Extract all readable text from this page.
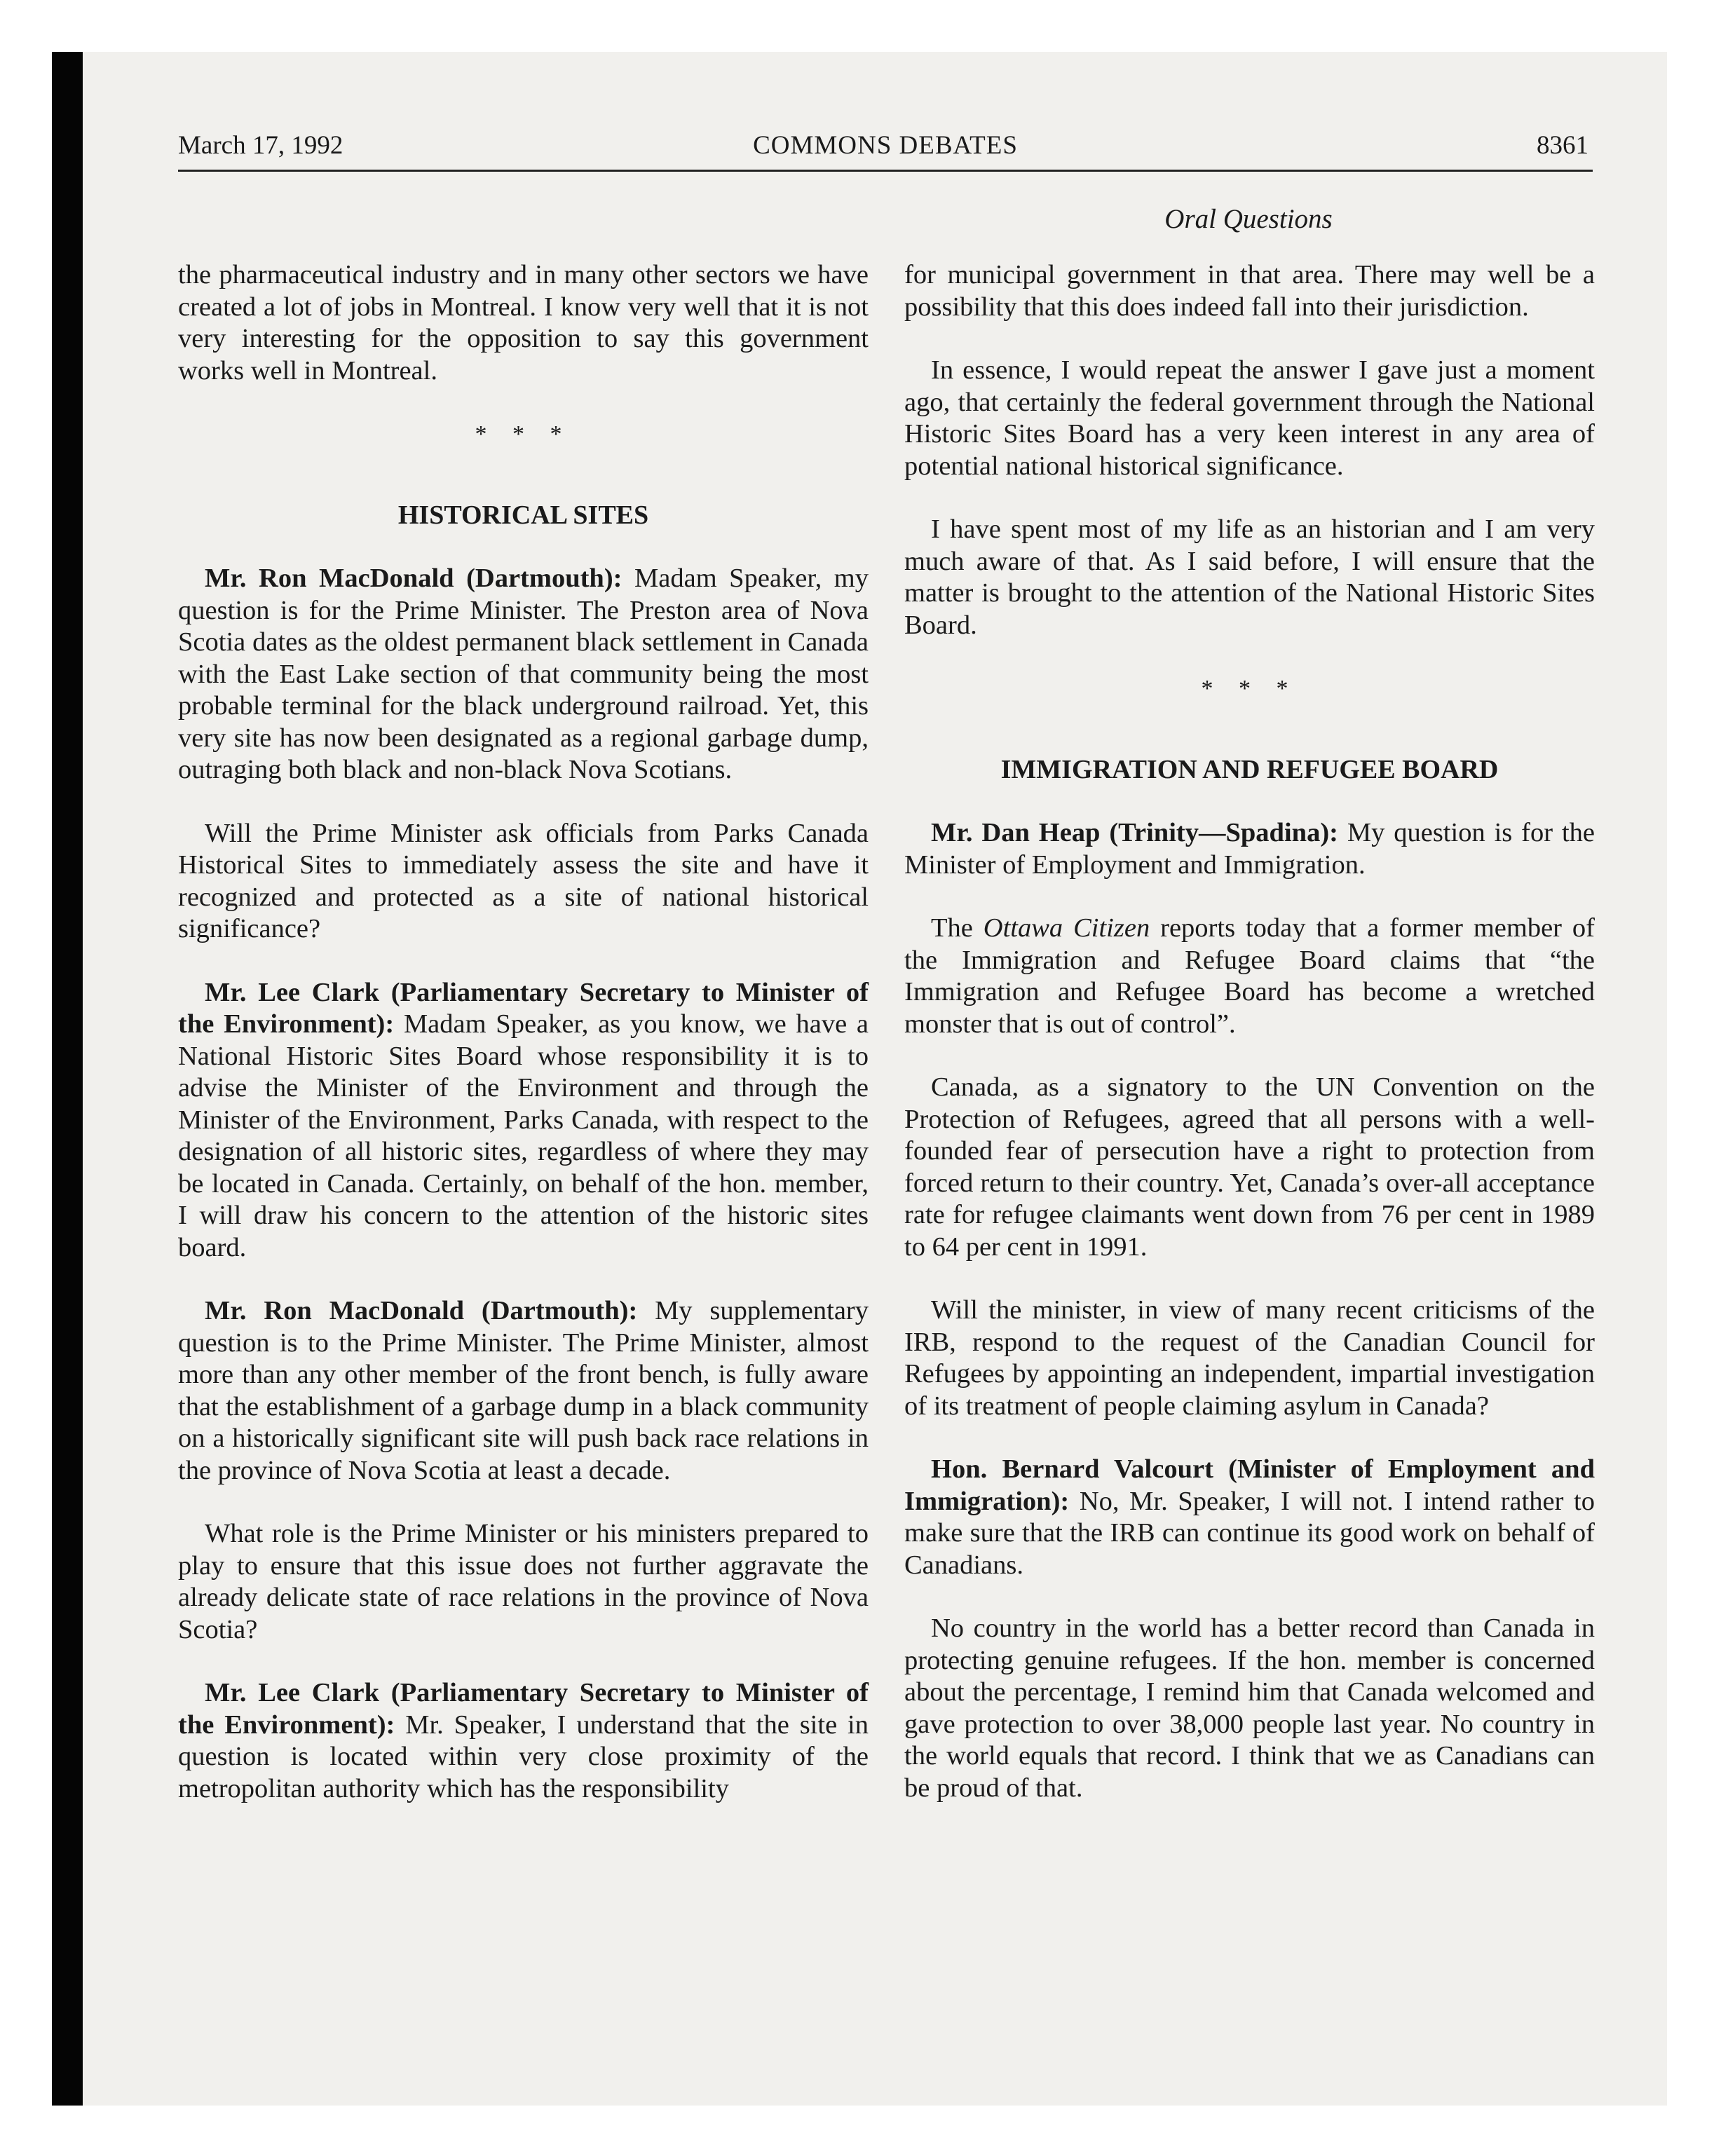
March 17, 1992	COMMONS DEBATES	8361
Oral Questions

the pharmaceutical industry and in many other sectors we have created a lot of jobs in Montreal. I know very well that it is not very interesting for the opposition to say this government works well in Montreal.

* * *

HISTORICAL SITES

Mr. Ron MacDonald (Dartmouth): Madam Speaker, my question is for the Prime Minister. The Preston area of Nova Scotia dates as the oldest permanent black settlement in Canada with the East Lake section of that community being the most probable terminal for the black underground railroad. Yet, this very site has now been designated as a regional garbage dump, outraging both black and non-black Nova Scotians.

Will the Prime Minister ask officials from Parks Canada Historical Sites to immediately assess the site and have it recognized and protected as a site of national historical significance?

Mr. Lee Clark (Parliamentary Secretary to Minister of the Environment): Madam Speaker, as you know, we have a National Historic Sites Board whose responsibility it is to advise the Minister of the Environment and through the Minister of the Environment, Parks Canada, with respect to the designation of all historic sites, regardless of where they may be located in Canada. Certainly, on behalf of the hon. member, I will draw his concern to the attention of the historic sites board.

Mr. Ron MacDonald (Dartmouth): My supplementary question is to the Prime Minister. The Prime Minister, almost more than any other member of the front bench, is fully aware that the establishment of a garbage dump in a black community on a historically significant site will push back race relations in the province of Nova Scotia at least a decade.

What role is the Prime Minister or his ministers prepared to play to ensure that this issue does not further aggravate the already delicate state of race relations in the province of Nova Scotia?

Mr. Lee Clark (Parliamentary Secretary to Minister of the Environment): Mr. Speaker, I understand that the site in question is located within very close proximity of the metropolitan authority which has the responsibility

for municipal government in that area. There may well be a possibility that this does indeed fall into their jurisdiction.

In essence, I would repeat the answer I gave just a moment ago, that certainly the federal government through the National Historic Sites Board has a very keen interest in any area of potential national historical significance.

I have spent most of my life as an historian and I am very much aware of that. As I said before, I will ensure that the matter is brought to the attention of the National Historic Sites Board.

* * *

IMMIGRATION AND REFUGEE BOARD

Mr. Dan Heap (Trinity—Spadina): My question is for the Minister of Employment and Immigration.

The Ottawa Citizen reports today that a former member of the Immigration and Refugee Board claims that “the Immigration and Refugee Board has become a wretched monster that is out of control”.

Canada, as a signatory to the UN Convention on the Protection of Refugees, agreed that all persons with a well-founded fear of persecution have a right to protection from forced return to their country. Yet, Canada’s over-all acceptance rate for refugee claimants went down from 76 per cent in 1989 to 64 per cent in 1991.

Will the minister, in view of many recent criticisms of the IRB, respond to the request of the Canadian Council for Refugees by appointing an independent, impartial investigation of its treatment of people claiming asylum in Canada?

Hon. Bernard Valcourt (Minister of Employment and Immigration): No, Mr. Speaker, I will not. I intend rather to make sure that the IRB can continue its good work on behalf of Canadians.

No country in the world has a better record than Canada in protecting genuine refugees. If the hon. member is concerned about the percentage, I remind him that Canada welcomed and gave protection to over 38,000 people last year. No country in the world equals that record. I think that we as Canadians can be proud of that.
